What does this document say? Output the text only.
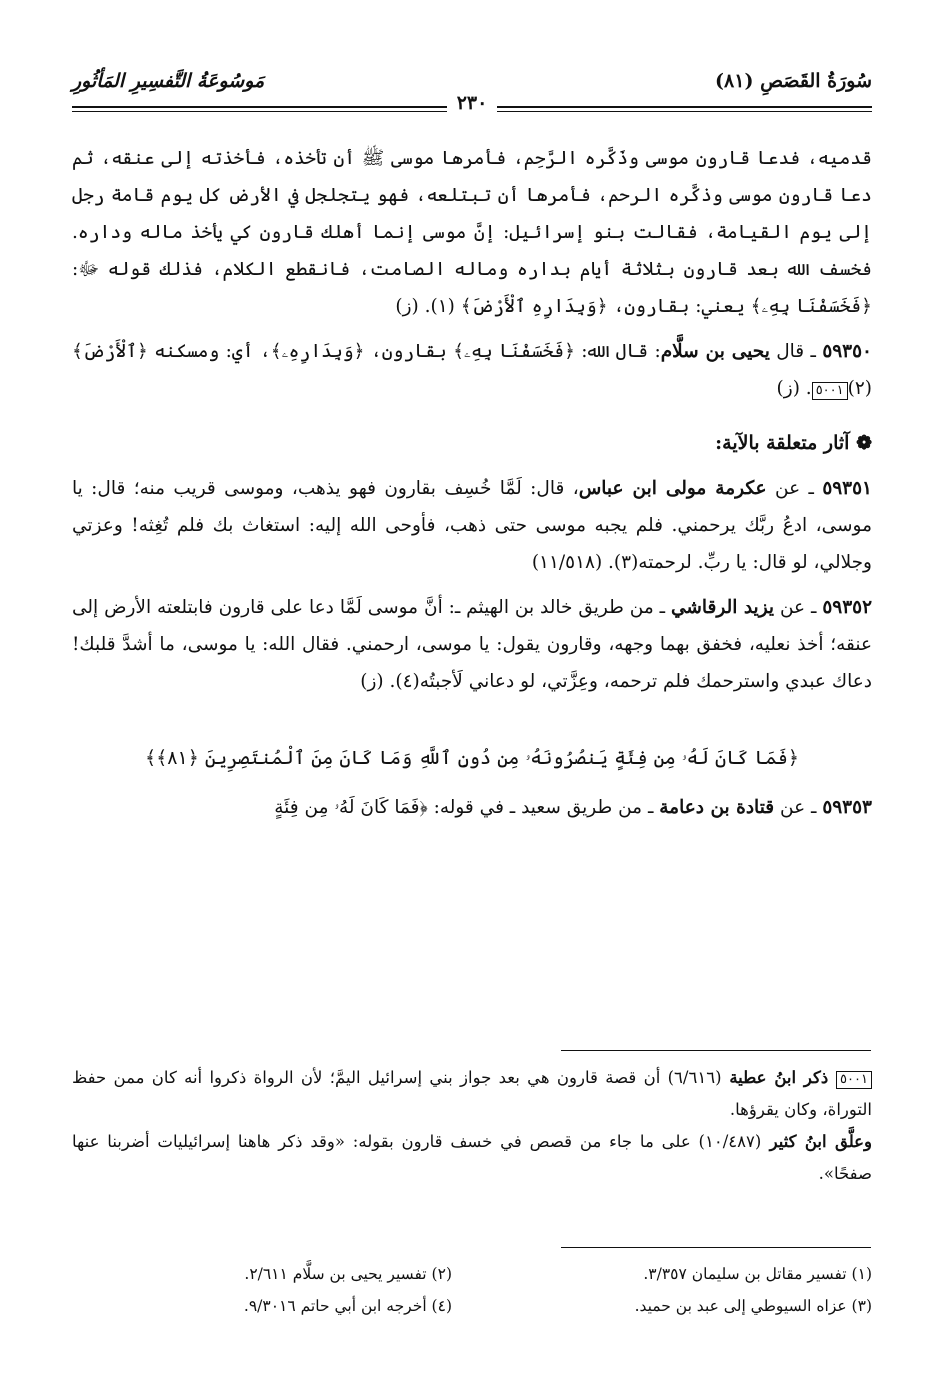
سُورَةُ القَصَصِ (٨١)
مَوسُوعَةُ التَّفسِيرِ المَأثُورِ
٢٣٠

قدميه، فدعا قارون موسى وذَكَّره الرَّحِم، فأمرها موسى ﷺ أن تأخذه، فأخذته إلى عنقه، ثم دعا قارون موسى وذكَّره الرحم، فأمرها أن تبتلعه، فهو يتجلجل في الأرض كل يوم قامة رجل إلى يوم القيامة، فقالت بنو إسرائيل: إنَّ موسى إنما أهلك قارون كي يأخذ ماله وداره. فخسف الله بعد قارون بثلاثة أيام بداره وماله الصامت، فانقطع الكلام، فذلك قوله ﷻ: ﴿فَخَسَفْنَا بِهِۦ﴾ يعني: بقارون، ﴿وَبِدَارِهِ ٱلْأَرْضَ﴾ (١). (ز)

٥٩٣٥٠ ـ قال يحيى بن سلَّام: قال الله: ﴿فَخَسَفْنَا بِهِۦ﴾ بقارون، ﴿وَبِدَارِهِۦ﴾، أي: ومسكنه ﴿ٱلْأَرْضَ﴾(٢)٥٠٠١. (ز)

❁ آثار متعلقة بالآية:

٥٩٣٥١ ـ عن عكرمة مولى ابن عباس، قال: لَمَّا خُسِف بقارون فهو يذهب، وموسى قريب منه؛ قال: يا موسى، ادعُ ربَّك يرحمني. فلم يجبه موسى حتى ذهب، فأوحى الله إليه: استغاث بك فلم تُغِثه! وعزتي وجلالي، لو قال: يا ربِّ. لرحمته(٣). (١١/٥١٨)

٥٩٣٥٢ ـ عن يزيد الرقاشي ـ من طريق خالد بن الهيثم ـ: أنَّ موسى لَمَّا دعا على قارون فابتلعته الأرض إلى عنقه؛ أخذ نعليه، فخفق بهما وجهه، وقارون يقول: يا موسى، ارحمني. فقال الله: يا موسى، ما أشدَّ قلبك! دعاك عبدي واسترحمك فلم ترحمه، وعِزَّتي، لو دعاني لَأجبتُه(٤). (ز)

﴿فَمَا كَانَ لَهُۥ مِن فِئَةٍ يَنصُرُونَهُۥ مِن دُونِ ٱللَّهِ وَمَا كَانَ مِنَ ٱلْمُنتَصِرِينَ ﴿٨١﴾﴾

٥٩٣٥٣ ـ عن قتادة بن دعامة ـ من طريق سعيد ـ في قوله: ﴿فَمَا كَانَ لَهُۥ مِن فِئَةٍ

٥٠٠١ ذكر ابنُ عطية (٦/٦١٦) أن قصة قارون هي بعد جواز بني إسرائيل اليمَّ؛ لأن الرواة ذكروا أنه كان ممن حفظ التوراة، وكان يقرؤها.

وعلَّق ابنُ كثير (١٠/٤٨٧) على ما جاء من قصص في خسف قارون بقوله: «وقد ذكر هاهنا إسرائيليات أضربنا عنها صفحًا».

(١) تفسير مقاتل بن سليمان ٣/٣٥٧.
(٢) تفسير يحيى بن سلَّام ٢/٦١١.
(٣) عزاه السيوطي إلى عبد بن حميد.
(٤) أخرجه ابن أبي حاتم ٩/٣٠١٦.
